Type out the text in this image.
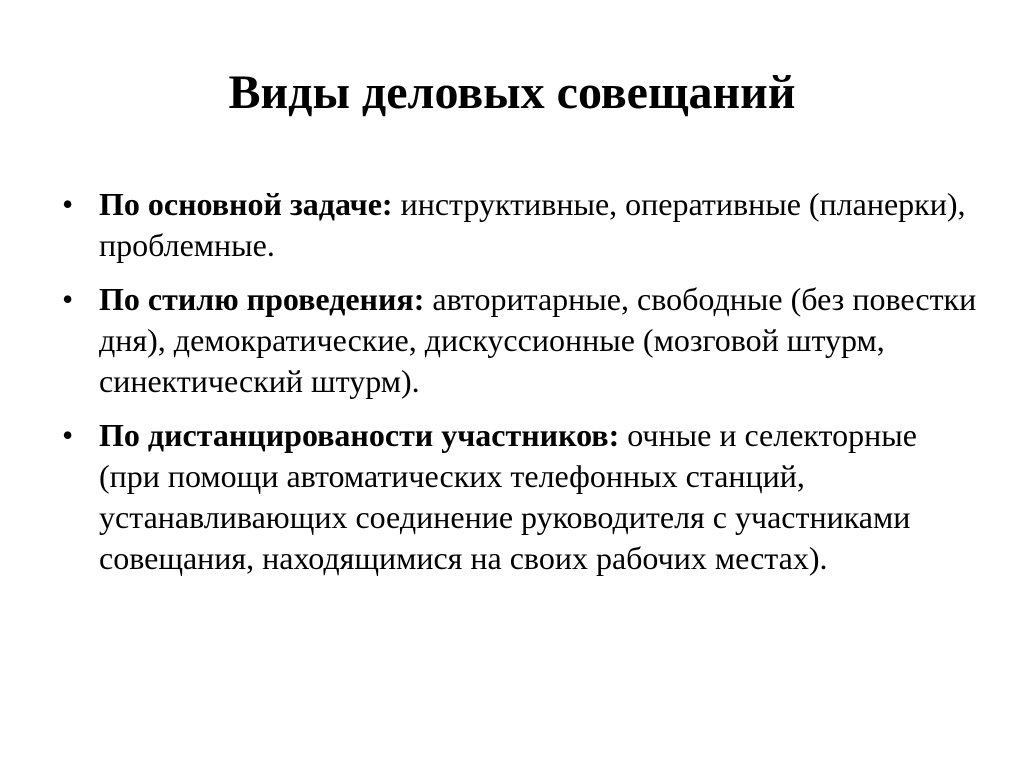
Виды деловых совещаний
• По основной задаче: инструктивные, оперативные (планерки), проблемные.
• По стилю проведения: авторитарные, свободные (без повестки дня), демократические, дискуссионные (мозговой штурм, синектический штурм).
• По дистанцированости участников: очные и селекторные (при помощи автоматических телефонных станций, устанавливающих соединение руководителя с участниками совещания, находящимися на своих рабочих местах).
